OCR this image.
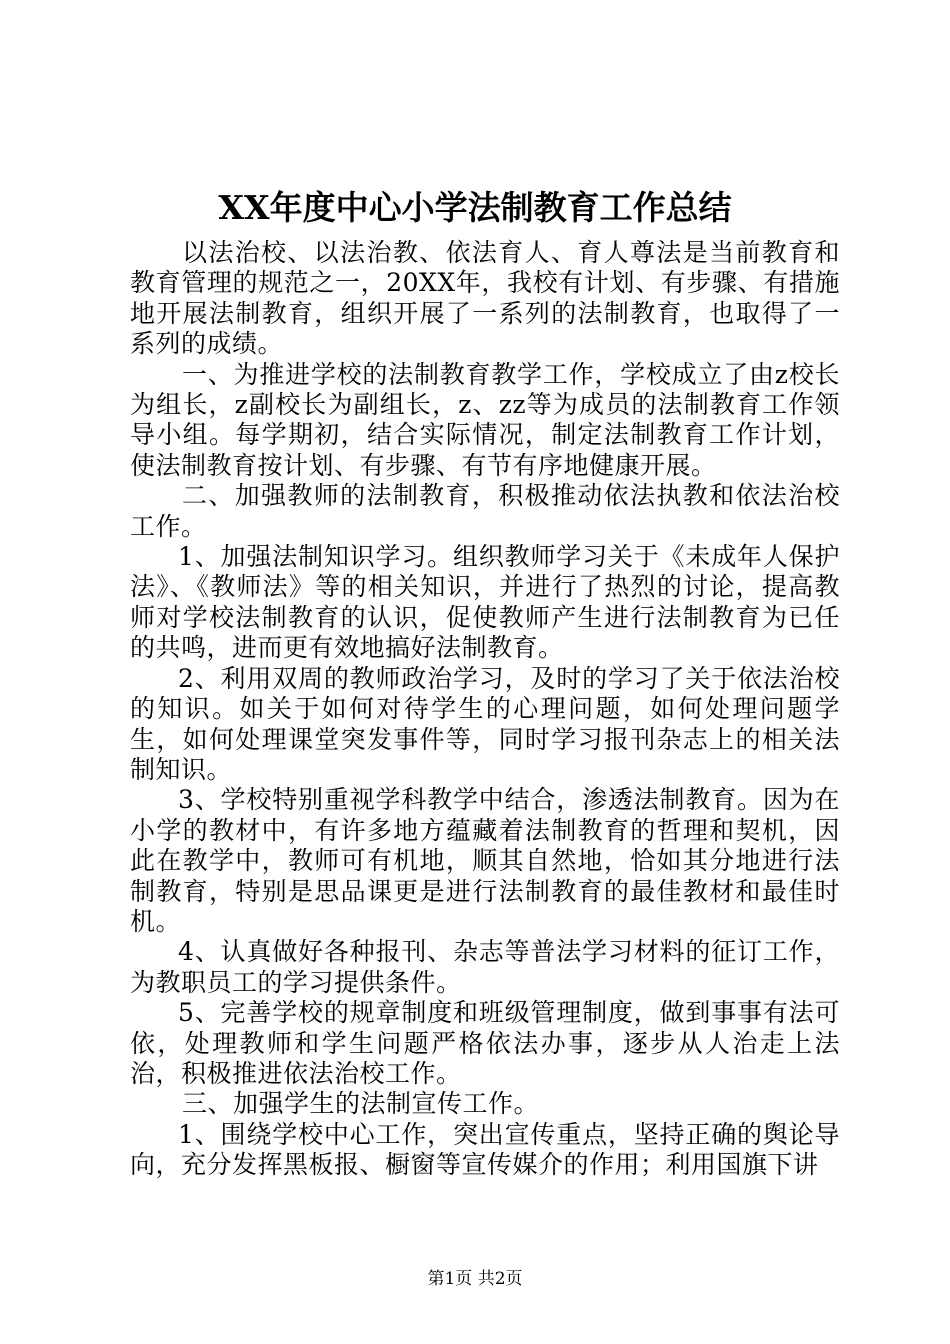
XX年度中心小学法制教育工作总结

以法治校、以法治教、依法育人、育人尊法是当前教育和教育管理的规范之一，20XX年，我校有计划、有步骤、有措施地开展法制教育，组织开展了一系列的法制教育，也取得了一系列的成绩。

一、为推进学校的法制教育教学工作，学校成立了由z校长为组长，z副校长为副组长，z、zz等为成员的法制教育工作领导小组。每学期初，结合实际情况，制定法制教育工作计划，使法制教育按计划、有步骤、有节有序地健康开展。

二、加强教师的法制教育，积极推动依法执教和依法治校工作。

1、加强法制知识学习。组织教师学习关于《未成年人保护法》、《教师法》等的相关知识，并进行了热烈的讨论，提高教师对学校法制教育的认识，促使教师产生进行法制教育为已任的共鸣，进而更有效地搞好法制教育。

2、利用双周的教师政治学习，及时的学习了关于依法治校的知识。如关于如何对待学生的心理问题，如何处理问题学生，如何处理课堂突发事件等，同时学习报刊杂志上的相关法制知识。

3、学校特别重视学科教学中结合，渗透法制教育。因为在小学的教材中，有许多地方蕴藏着法制教育的哲理和契机，因此在教学中，教师可有机地，顺其自然地，恰如其分地进行法制教育，特别是思品课更是进行法制教育的最佳教材和最佳时机。

4、认真做好各种报刊、杂志等普法学习材料的征订工作，为教职员工的学习提供条件。

5、完善学校的规章制度和班级管理制度，做到事事有法可依，处理教师和学生问题严格依法办事，逐步从人治走上法治，积极推进依法治校工作。

三、加强学生的法制宣传工作。

1、围绕学校中心工作，突出宣传重点，坚持正确的舆论导向，充分发挥黑板报、橱窗等宣传媒介的作用；利用国旗下讲

第1页 共2页
